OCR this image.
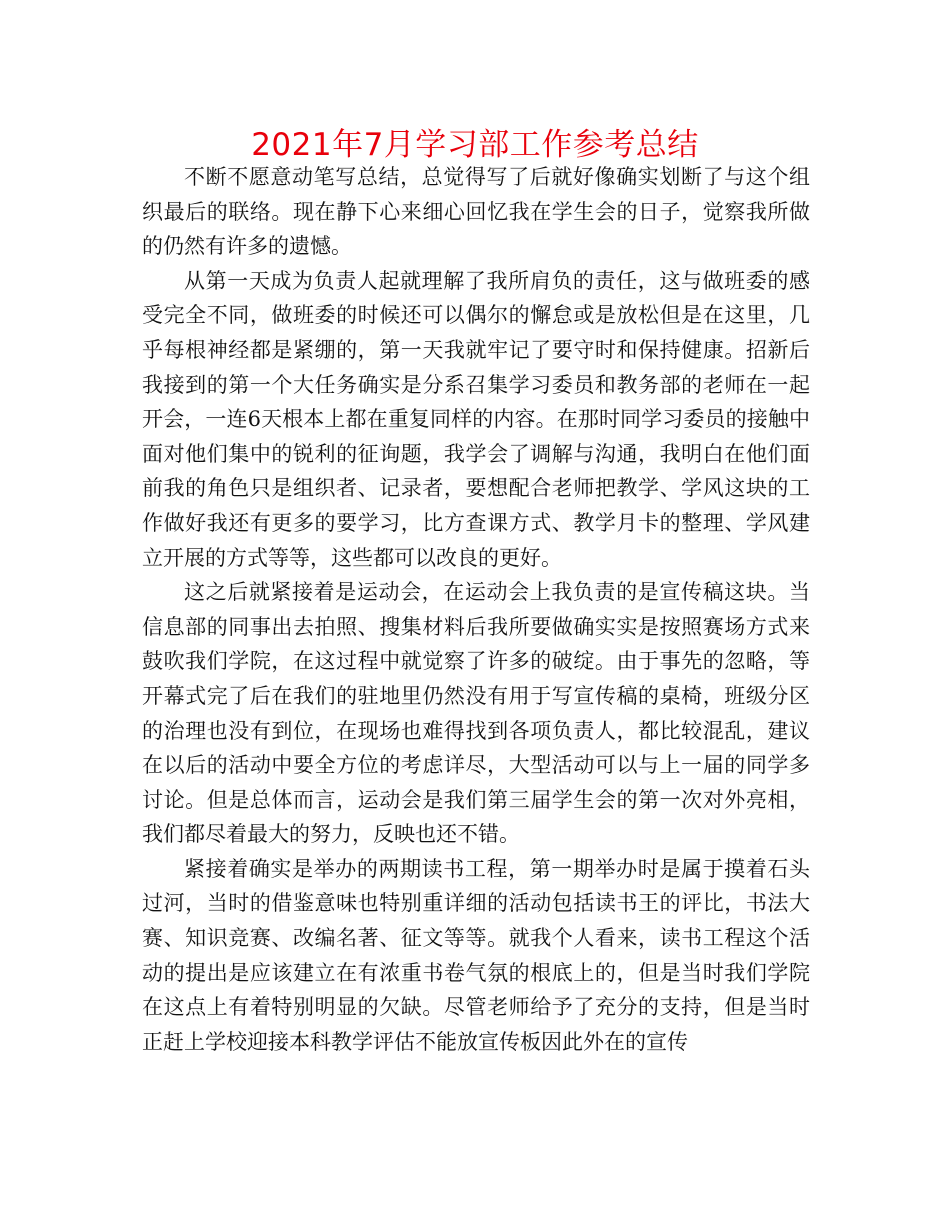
2021年7月学习部工作参考总结

不断不愿意动笔写总结，总觉得写了后就好像确实划断了与这个组织最后的联络。现在静下心来细心回忆我在学生会的日子，觉察我所做的仍然有许多的遗憾。

从第一天成为负责人起就理解了我所肩负的责任，这与做班委的感受完全不同，做班委的时候还可以偶尔的懈怠或是放松但是在这里，几乎每根神经都是紧绷的，第一天我就牢记了要守时和保持健康。招新后我接到的第一个大任务确实是分系召集学习委员和教务部的老师在一起开会，一连6天根本上都在重复同样的内容。在那时同学习委员的接触中面对他们集中的锐利的征询题，我学会了调解与沟通，我明白在他们面前我的角色只是组织者、记录者，要想配合老师把教学、学风这块的工作做好我还有更多的要学习，比方查课方式、教学月卡的整理、学风建立开展的方式等等，这些都可以改良的更好。

这之后就紧接着是运动会，在运动会上我负责的是宣传稿这块。当信息部的同事出去拍照、搜集材料后我所要做确实实是按照赛场方式来鼓吹我们学院，在这过程中就觉察了许多的破绽。由于事先的忽略，等开幕式完了后在我们的驻地里仍然没有用于写宣传稿的桌椅，班级分区的治理也没有到位，在现场也难得找到各项负责人，都比较混乱，建议在以后的活动中要全方位的考虑详尽，大型活动可以与上一届的同学多讨论。但是总体而言，运动会是我们第三届学生会的第一次对外亮相，我们都尽着最大的努力，反映也还不错。

紧接着确实是举办的两期读书工程，第一期举办时是属于摸着石头过河，当时的借鉴意味也特别重详细的活动包括读书王的评比，书法大赛、知识竞赛、改编名著、征文等等。就我个人看来，读书工程这个活动的提出是应该建立在有浓重书卷气氛的根底上的，但是当时我们学院在这点上有着特别明显的欠缺。尽管老师给予了充分的支持，但是当时正赶上学校迎接本科教学评估不能放宣传板因此外在的宣传
